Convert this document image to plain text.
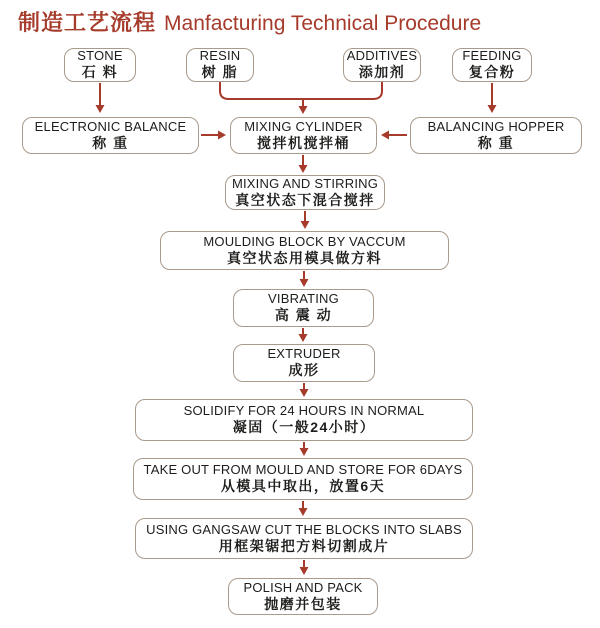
制造工艺流程 Manfacturing Technical Procedure
STONE
石 料
RESIN
树 脂
ADDITIVES
添加剂
FEEDING
复合粉
ELECTRONIC BALANCE
称 重
MIXING CYLINDER
搅拌机搅拌桶
BALANCING HOPPER
称 重
MIXING AND STIRRING
真空状态下混合搅拌
MOULDING BLOCK BY VACCUM
真空状态用模具做方料
VIBRATING
高 震 动
EXTRUDER
成形
SOLIDIFY FOR 24 HOURS IN NORMAL
凝固（一般24小时）
TAKE OUT FROM MOULD AND STORE FOR 6DAYS
从模具中取出，放置6天
USING GANGSAW CUT THE BLOCKS INTO SLABS
用框架锯把方料切割成片
POLISH AND PACK
抛磨并包装
